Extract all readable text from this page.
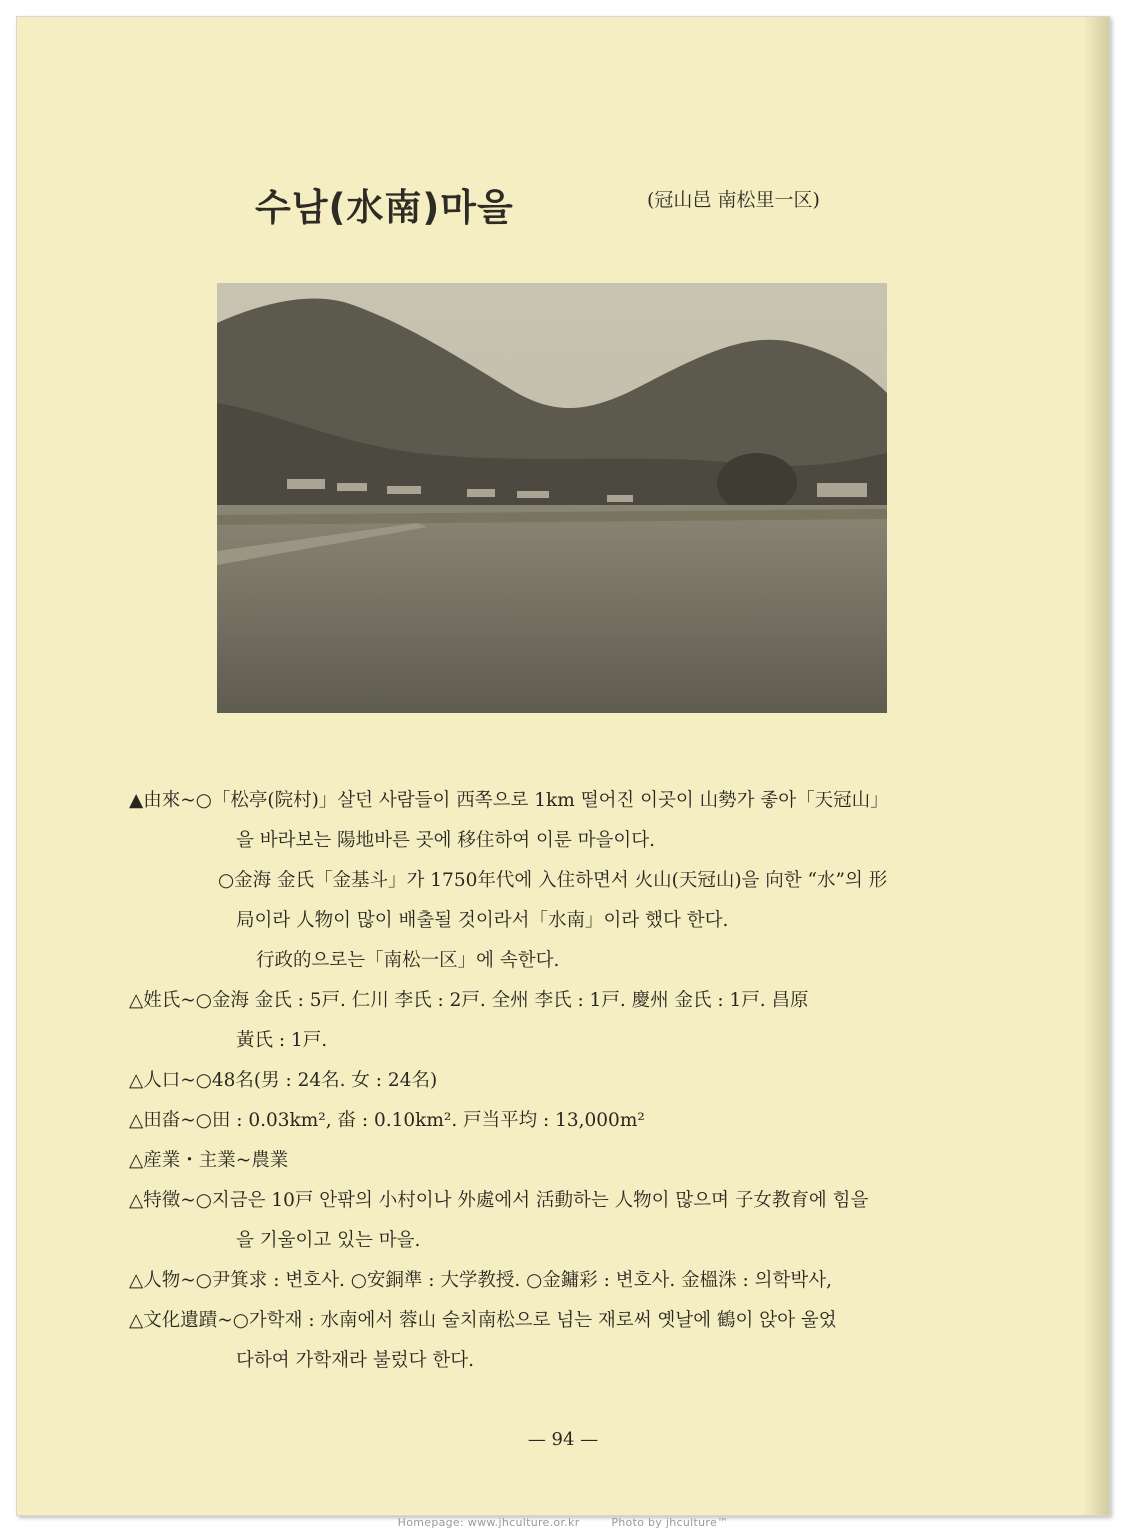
수남(水南)마을	(冠山邑 南松里一区)
▲由來~○「松亭(院村)」살던 사람들이 西쪽으로 1km 떨어진 이곳이 山勢가 좋아「天冠山」
을 바라보는 陽地바른 곳에 移住하여 이룬 마을이다.
○金海 金氏「金基斗」가 1750年代에 入住하면서 火山(天冠山)을 向한 “水”의 形
局이라 人物이 많이 배출될 것이라서「水南」이라 했다 한다.
行政的으로는「南松一区」에 속한다.
△姓氏~○金海 金氏 : 5戸. 仁川 李氏 : 2戸. 全州 李氏 : 1戸. 慶州 金氏 : 1戸. 昌原
黃氏 : 1戸.
△人口~○48名(男 : 24名. 女 : 24名)
△田畓~○田 : 0.03km², 畓 : 0.10km². 戸当平均 : 13,000m²
△産業・主業~農業
△特徵~○지금은 10戸 안팎의 小村이나 外處에서 活動하는 人物이 많으며 子女教育에 힘을
을 기울이고 있는 마을.
△人物~○尹箕求 : 변호사. ○安銅準 : 大学教授. ○金鏞彩 : 변호사. 金榲洙 : 의학박사,
△文化遺蹟~○가학재 : 水南에서 蓉山 술치南松으로 넘는 재로써 옛날에 鶴이 앉아 울었
다하여 가학재라 불렀다 한다.
— 94 —
Homepage: www.jhculture.or.kr	Photo by jhculture™
